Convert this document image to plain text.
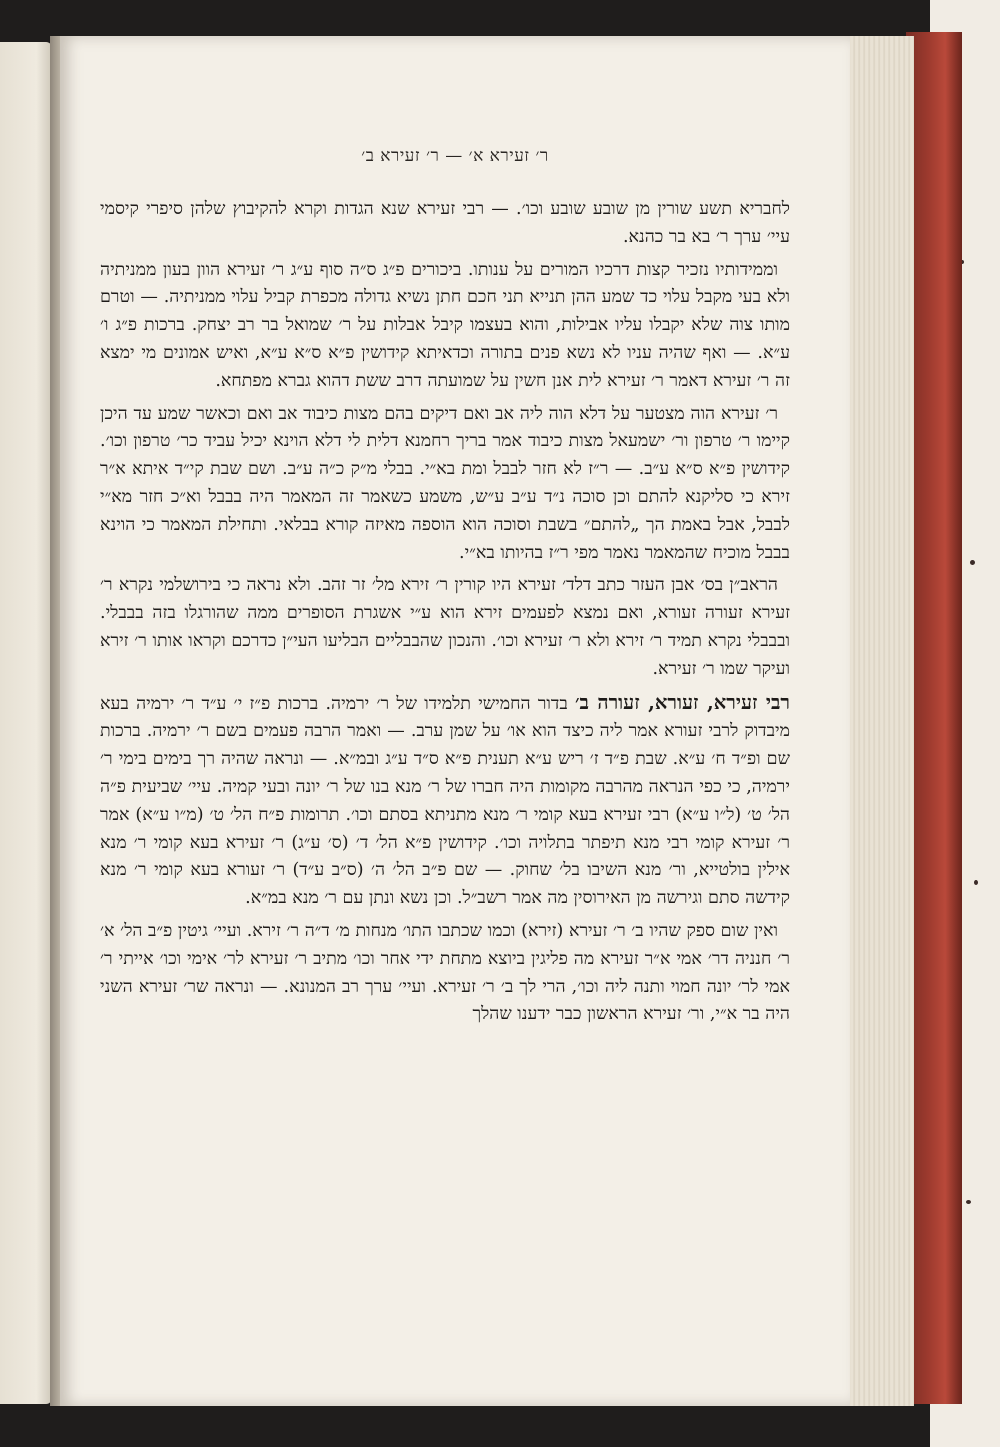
ר׳ זעירא א׳ — ר׳ זעירא ב׳

לחבריא תשע שורין מן שובע שובע וכו׳. — רבי זעירא שנא הגדות וקרא להקיבוץ שלהן סיפרי קיסמי עיי׳ ערך ר׳ בא בר כהנא.

וממידותיו נזכיר קצות דרכיו המורים על ענותו. ביכורים פ״ג ס״ה סוף ע״ג ר׳ זעירא הוון בעון ממניתיה ולא בעי מקבל עלוי כד שמע ההן תנייא תני חכם חתן נשיא גדולה מכפרת קביל עלוי ממניתיה. — וטרם מותו צוה שלא יקבלו עליו אבילות, והוא בעצמו קיבל אבלות על ר׳ שמואל בר רב יצחק. ברכות פ״ג ו׳ ע״א. — ואף שהיה עניו לא נשא פנים בתורה וכדאיתא קידושין פ״א ס״א ע״א, ואיש אמונים מי ימצא זה ר׳ זעירא דאמר ר׳ זעירא לית אנן חשין על שמועתה דרב ששת דהוא גברא מפתחא.

ר׳ זעירא הוה מצטער על דלא הוה ליה אב ואם דיקים בהם מצות כיבוד אב ואם וכאשר שמע עד היכן קיימו ר׳ טרפון ור׳ ישמעאל מצות כיבוד אמר בריך רחמנא דלית לי דלא הוינא יכיל עביד כר׳ טרפון וכו׳. קידושין פ״א ס״א ע״ב. — ר״ז לא חזר לבבל ומת בא״י. בבלי מ״ק כ״ה ע״ב. ושם שבת קי״ד איתא א״ר זירא כי סליקנא להתם וכן סוכה נ״ד ע״ב ע״ש, משמע כשאמר זה המאמר היה בבבל וא״כ חזר מא״י לבבל, אבל באמת הך „להתם״ בשבת וסוכה הוא הוספה מאיזה קורא בבלאי. ותחילת המאמר כי הוינא בבבל מוכיח שהמאמר נאמר מפי ר״ז בהיותו בא״י.

הראב״ן בס׳ אבן העזר כתב דלד׳ זעירא היו קורין ר׳ זירא מל׳ זר זהב. ולא נראה כי בירושלמי נקרא ר׳ זעירא זעורה זעורא, ואם נמצא לפעמים זירא הוא ע״י אשגרת הסופרים ממה שהורגלו בזה בבבלי. ובבבלי נקרא תמיד ר׳ זירא ולא ר׳ זעירא וכו׳. והנכון שהבבליים הבליעו העי״ן כדרכם וקראו אותו ר׳ זירא ועיקר שמו ר׳ זעירא.

רבי זעירא, זעורא, זעורה ב׳ בדור החמישי תלמידו של ר׳ ירמיה. ברכות פ״ז י׳ ע״ד ר׳ ירמיה בעא מיבדוק לרבי זעורא אמר ליה כיצד הוא או׳ על שמן ערב. — ואמר הרבה פעמים בשם ר׳ ירמיה. ברכות שם ופ״ד ח׳ ע״א. שבת פ״ד ז׳ ריש ע״א תענית פ״א ס״ד ע״ג ובמ״א. — ונראה שהיה רך בימים בימי ר׳ ירמיה, כי כפי הנראה מהרבה מקומות היה חברו של ר׳ מנא בנו של ר׳ יונה ובעי קמיה. עיי׳ שביעית פ״ה הל׳ ט׳ (ל״ו ע״א) רבי זעירא בעא קומי ר׳ מנא מתניתא בסתם וכו׳. תרומות פ״ח הל׳ ט׳ (מ״ו ע״א) אמר ר׳ זעירא קומי רבי מנא תיפתר בתלויה וכו׳. קידושין פ״א הל׳ ד׳ (ס׳ ע״ג) ר׳ זעירא בעא קומי ר׳ מנא אילין בולטייא, ור׳ מנא השיבו בל׳ שחוק. — שם פ״ב הל׳ ה׳ (ס״ב ע״ד) ר׳ זעורא בעא קומי ר׳ מנא קידשה סתם וגירשה מן האירוסין מה אמר רשב״ל. וכן נשא ונתן עם ר׳ מנא במ״א.

ואין שום ספק שהיו ב׳ ר׳ זעירא (זירא) וכמו שכתבו התו׳ מנחות מ׳ ד״ה ר׳ זירא. ועיי׳ גיטין פ״ב הל׳ א׳ ר׳ חנניה דר׳ אמי א״ר זעירא מה פליגין ביוצא מתחת ידי אחר וכו׳ מתיב ר׳ זעירא לר׳ אימי וכו׳ אייתי ר׳ אמי לר׳ יונה חמוי ותנה ליה וכו׳, הרי לך ב׳ ר׳ זעירא. ועיי׳ ערך רב המנונא. — ונראה שר׳ זעירא השני היה בר א״י, ור׳ זעירא הראשון כבר ידענו שהלך
